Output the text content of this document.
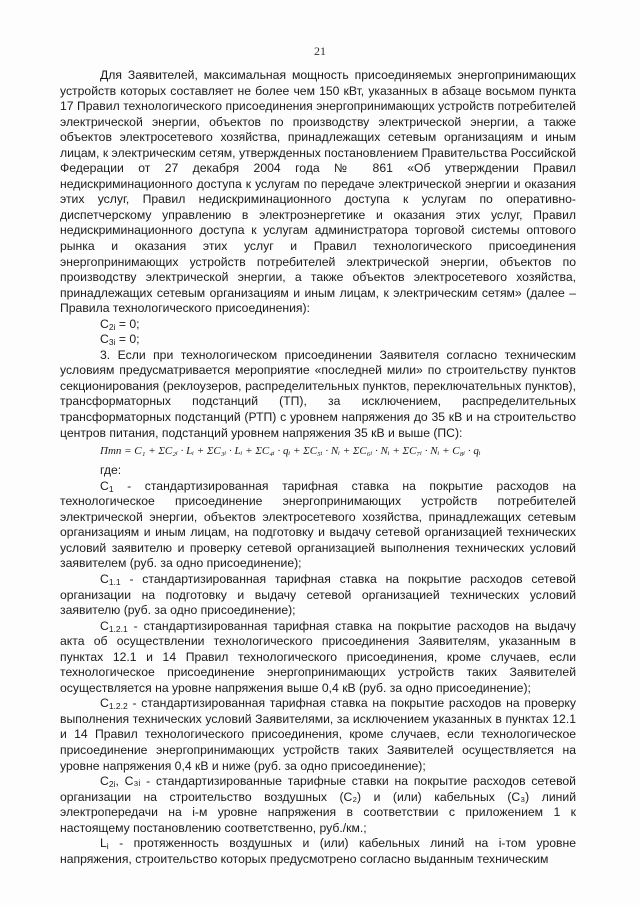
21

Для Заявителей, максимальная мощность присоединяемых энергопринимающих устройств которых составляет не более чем 150 кВт, указанных в абзаце восьмом пункта 17 Правил технологического присоединения энергопринимающих устройств потребителей электрической энергии, объектов по производству электрической энергии, а также объектов электросетевого хозяйства, принадлежащих сетевым организациям и иным лицам, к электрическим сетям, утвержденных постановлением Правительства Российской Федерации от 27 декабря 2004 года № 861 «Об утверждении Правил недискриминационного доступа к услугам по передаче электрической энергии и оказания этих услуг, Правил недискриминационного доступа к услугам по оперативно-диспетчерскому управлению в электроэнергетике и оказания этих услуг, Правил недискриминационного доступа к услугам администратора торговой системы оптового рынка и оказания этих услуг и Правил технологического присоединения энергопринимающих устройств потребителей электрической энергии, объектов по производству электрической энергии, а также объектов электросетевого хозяйства, принадлежащих сетевым организациям и иным лицам, к электрическим сетям» (далее – Правила технологического присоединения):

$С_{2i} = 0$;

$С_{3i} = 0$;

3. Если при технологическом присоединении Заявителя согласно техническим условиям предусматривается мероприятие «последней мили» по строительству пунктов секционирования (реклоузеров, распределительных пунктов, переключательных пунктов), трансформаторных подстанций (ТП), за исключением, распределительных трансформаторных подстанций (РТП) с уровнем напряжения до 35 кВ и на строительство центров питания, подстанций уровнем напряжения 35 кВ и выше (ПС):

Птп = С₁ + ΣС₂ᵢ · Lᵢ + ΣС₃ᵢ · Lᵢ + ΣС₄ᵢ · qᵢ + ΣС₅ᵢ · Nᵢ + ΣС₆ᵢ · Nᵢ + ΣС₇ᵢ · Nᵢ + С₈ᵢ · qᵢ

где:

$С_1$ - стандартизированная тарифная ставка на покрытие расходов на технологическое присоединение энергопринимающих устройств потребителей электрической энергии, объектов электросетевого хозяйства, принадлежащих сетевым организациям и иным лицам, на подготовку и выдачу сетевой организацией технических условий заявителю и проверку сетевой организацией выполнения технических условий заявителем (руб. за одно присоединение);

$С_{1.1}$ - стандартизированная тарифная ставка на покрытие расходов сетевой организации на подготовку и выдачу сетевой организацией технических условий заявителю (руб. за одно присоединение);

$С_{1.2.1}$ - стандартизированная тарифная ставка на покрытие расходов на выдачу акта об осуществлении технологического присоединения Заявителям, указанным в пунктах 12.1 и 14 Правил технологического присоединения, кроме случаев, если технологическое присоединение энергопринимающих устройств таких Заявителей осуществляется на уровне напряжения выше 0,4 кВ (руб. за одно присоединение);

$С_{1.2.2}$ - стандартизированная тарифная ставка на покрытие расходов на проверку выполнения технических условий Заявителями, за исключением указанных в пунктах 12.1 и 14 Правил технологического присоединения, кроме случаев, если технологическое присоединение энергопринимающих устройств таких Заявителей осуществляется на уровне напряжения 0,4 кВ и ниже (руб. за одно присоединение);

$С_{2i}$, С₃ᵢ - стандартизированные тарифные ставки на покрытие расходов сетевой организации на строительство воздушных (С₂) и (или) кабельных (С₃) линий электропередачи на i-м уровне напряжения в соответствии с приложением 1 к настоящему постановлению соответственно, руб./км.;

$L_i$ - протяженность воздушных и (или) кабельных линий на i-том уровне напряжения, строительство которых предусмотрено согласно выданным техническим
